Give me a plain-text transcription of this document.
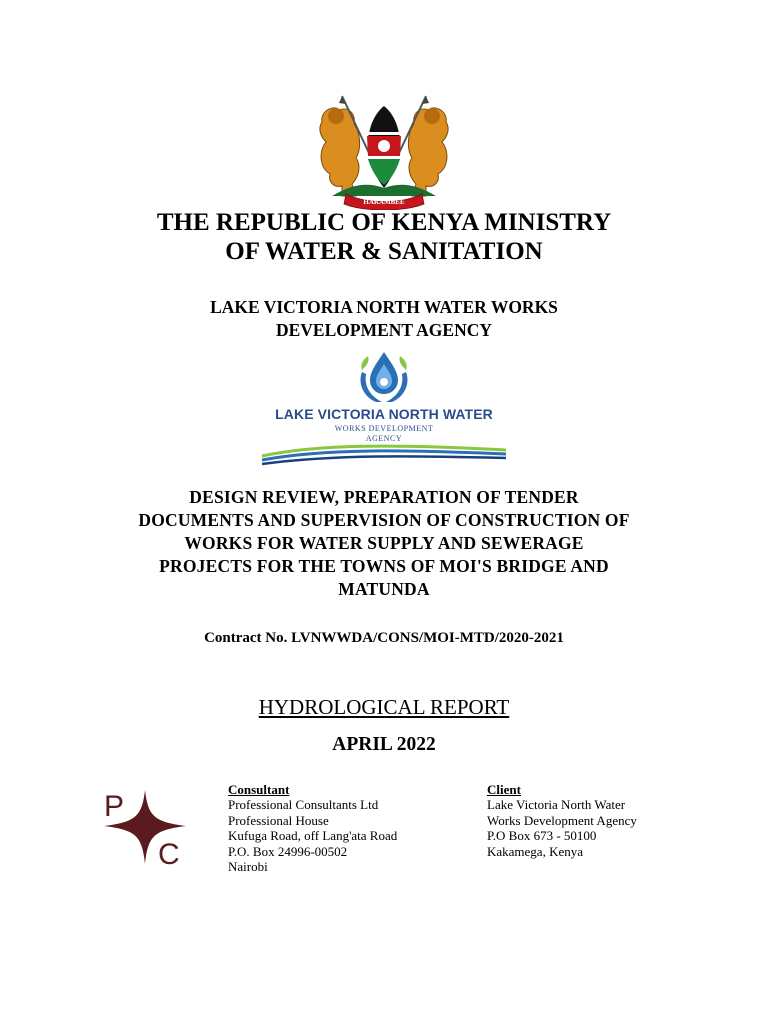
HARAMBEE
THE REPUBLIC OF KENYA MINISTRY
OF WATER & SANITATION
LAKE VICTORIA NORTH WATER WORKS
DEVELOPMENT AGENCY
LAKE VICTORIA NORTH WATER
WORKS DEVELOPMENT
AGENCY
DESIGN REVIEW, PREPARATION OF TENDER
DOCUMENTS AND SUPERVISION OF CONSTRUCTION OF
WORKS FOR WATER SUPPLY AND SEWERAGE
PROJECTS FOR THE TOWNS OF MOI'S BRIDGE AND
MATUNDA
Contract No. LVNWWDA/CONS/MOI-MTD/2020-2021
HYDROLOGICAL REPORT
APRIL 2022
P
C
Consultant
Professional Consultants Ltd
Professional House
Kufuga Road, off Lang'ata Road
P.O. Box 24996-00502
Nairobi
Client
Lake Victoria North Water
Works Development Agency
P.O Box 673 - 50100
Kakamega, Kenya
